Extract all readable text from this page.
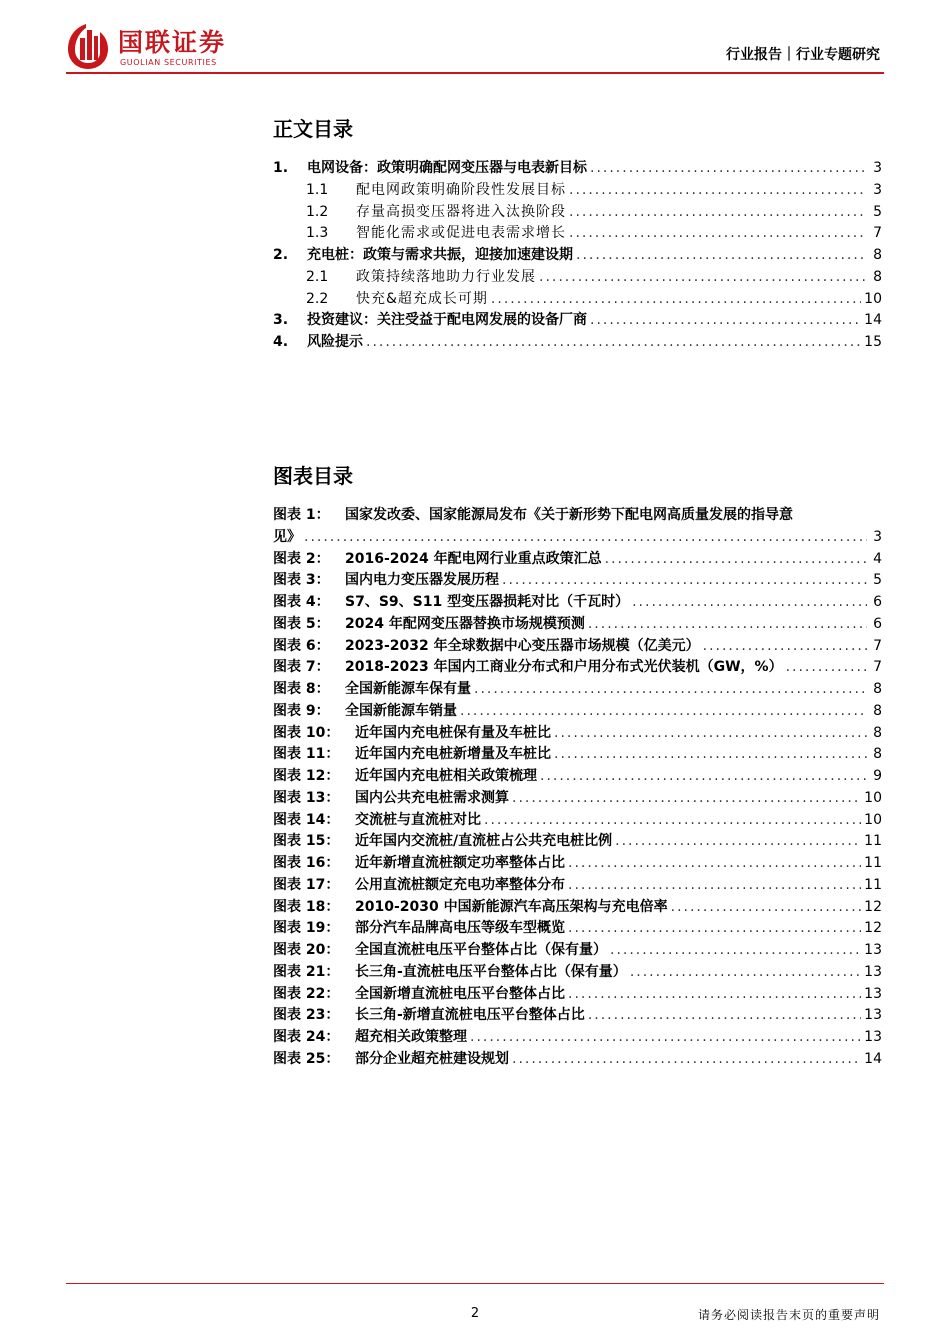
国联证券
GUOLIAN SECURITIES	行业报告｜行业专题研究
正文目录
1.	电网设备：政策明确配网变压器与电表新目标 .....	3
1.1	配电网政策明确阶段性发展目标 .....	3
1.2	存量高损变压器将进入汰换阶段 .....	5
1.3	智能化需求或促进电表需求增长 .....	7
2.	充电桩：政策与需求共振，迎接加速建设期 .....	8
2.1	政策持续落地助力行业发展 .....	8
2.2	快充&超充成长可期 .....	10
3.	投资建议：关注受益于配电网发展的设备厂商 .....	14
4.	风险提示 .....	15
图表目录
图表 1： 国家发改委、国家能源局发布《关于新形势下配电网高质量发展的指导意
见》 .....	3
图表 2：	2016-2024 年配电网行业重点政策汇总 .....	4
图表 3：	国内电力变压器发展历程 .....	5
图表 4：	S7、S9、S11 型变压器损耗对比（千瓦时） .....	6
图表 5：	2024 年配网变压器替换市场规模预测 .....	6
图表 6：	2023-2032 年全球数据中心变压器市场规模（亿美元） .....	7
图表 7：	2018-2023 年国内工商业分布式和户用分布式光伏装机（GW，%） .....	7
图表 8：	全国新能源车保有量 .....	8
图表 9：	全国新能源车销量 .....	8
图表 10：	近年国内充电桩保有量及车桩比 .....	8
图表 11：	近年国内充电桩新增量及车桩比 .....	8
图表 12：	近年国内充电桩相关政策梳理 .....	9
图表 13：	国内公共充电桩需求测算 .....	10
图表 14：	交流桩与直流桩对比 .....	10
图表 15：	近年国内交流桩/直流桩占公共充电桩比例 .....	11
图表 16：	近年新增直流桩额定功率整体占比 .....	11
图表 17：	公用直流桩额定充电功率整体分布 .....	11
图表 18：	2010-2030 中国新能源汽车高压架构与充电倍率 .....	12
图表 19：	部分汽车品牌高电压等级车型概览 .....	12
图表 20：	全国直流桩电压平台整体占比（保有量） .....	13
图表 21：	长三角-直流桩电压平台整体占比（保有量） .....	13
图表 22：	全国新增直流桩电压平台整体占比 .....	13
图表 23：	长三角-新增直流桩电压平台整体占比 .....	13
图表 24：	超充相关政策整理 .....	13
图表 25：	部分企业超充桩建设规划 .....	14
2	请务必阅读报告末页的重要声明
